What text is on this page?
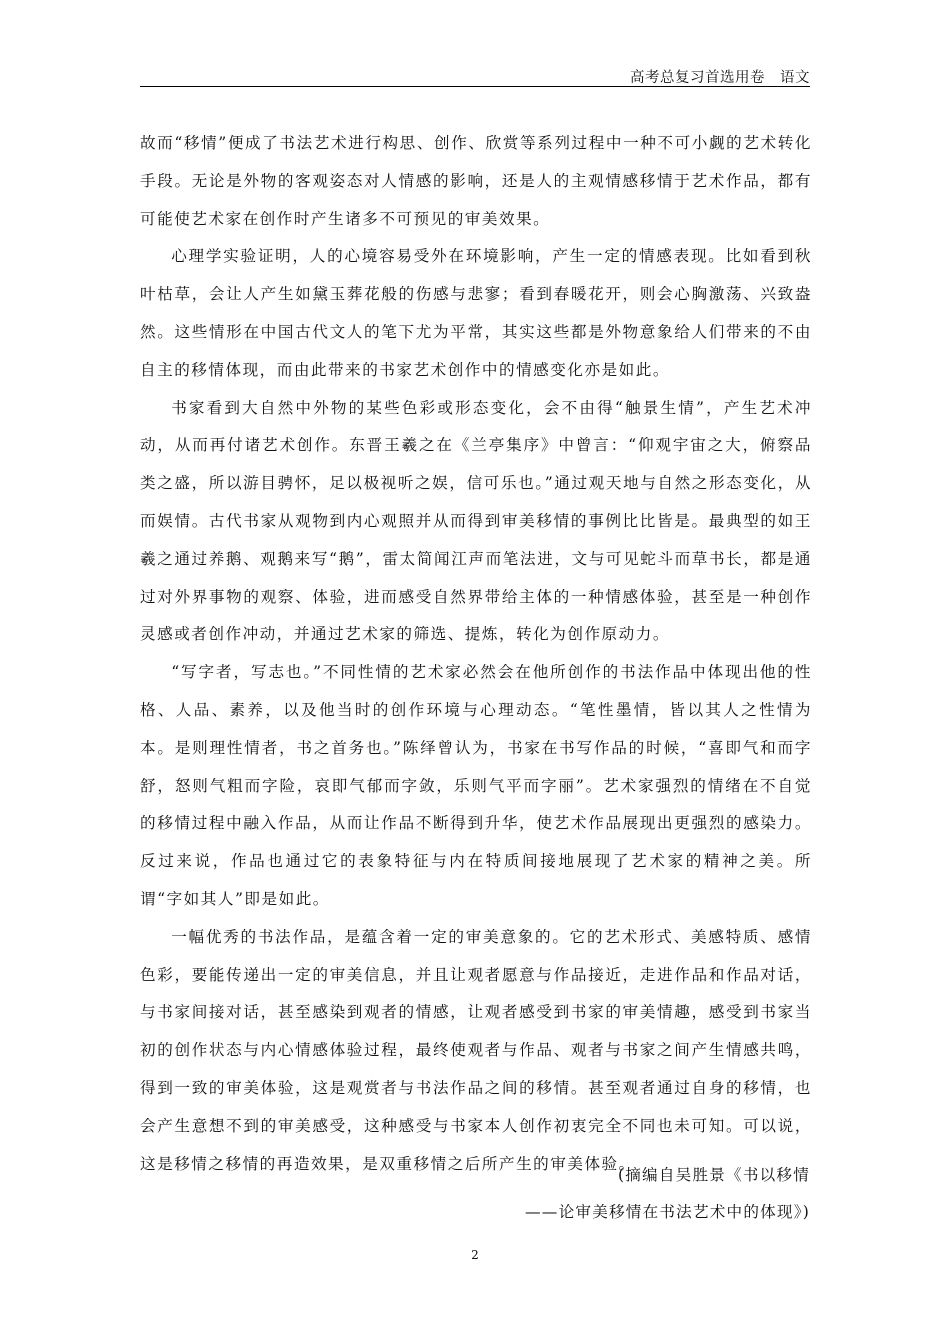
高考总复习首选用卷　语文

故而“移情”便成了书法艺术进行构思、创作、欣赏等系列过程中一种不可小觑的艺术转化手段。无论是外物的客观姿态对人情感的影响，还是人的主观情感移情于艺术作品，都有可能使艺术家在创作时产生诸多不可预见的审美效果。

心理学实验证明，人的心境容易受外在环境影响，产生一定的情感表现。比如看到秋叶枯草，会让人产生如黛玉葬花般的伤感与悲寥；看到春暖花开，则会心胸激荡、兴致盎然。这些情形在中国古代文人的笔下尤为平常，其实这些都是外物意象给人们带来的不由自主的移情体现，而由此带来的书家艺术创作中的情感变化亦是如此。

书家看到大自然中外物的某些色彩或形态变化，会不由得“触景生情”，产生艺术冲动，从而再付诸艺术创作。东晋王羲之在《兰亭集序》中曾言：“仰观宇宙之大，俯察品类之盛，所以游目骋怀，足以极视听之娱，信可乐也。”通过观天地与自然之形态变化，从而娱情。古代书家从观物到内心观照并从而得到审美移情的事例比比皆是。最典型的如王羲之通过养鹅、观鹅来写“鹅”，雷太简闻江声而笔法进，文与可见蛇斗而草书长，都是通过对外界事物的观察、体验，进而感受自然界带给主体的一种情感体验，甚至是一种创作灵感或者创作冲动，并通过艺术家的筛选、提炼，转化为创作原动力。

“写字者，写志也。”不同性情的艺术家必然会在他所创作的书法作品中体现出他的性格、人品、素养，以及他当时的创作环境与心理动态。“笔性墨情，皆以其人之性情为本。是则理性情者，书之首务也。”陈绎曾认为，书家在书写作品的时候，“喜即气和而字舒，怒则气粗而字险，哀即气郁而字敛，乐则气平而字丽”。艺术家强烈的情绪在不自觉的移情过程中融入作品，从而让作品不断得到升华，使艺术作品展现出更强烈的感染力。反过来说，作品也通过它的表象特征与内在特质间接地展现了艺术家的精神之美。所谓“字如其人”即是如此。

一幅优秀的书法作品，是蕴含着一定的审美意象的。它的艺术形式、美感特质、感情色彩，要能传递出一定的审美信息，并且让观者愿意与作品接近，走进作品和作品对话，与书家间接对话，甚至感染到观者的情感，让观者感受到书家的审美情趣，感受到书家当初的创作状态与内心情感体验过程，最终使观者与作品、观者与书家之间产生情感共鸣，得到一致的审美体验，这是观赏者与书法作品之间的移情。甚至观者通过自身的移情，也会产生意想不到的审美感受，这种感受与书家本人创作初衷完全不同也未可知。可以说，这是移情之移情的再造效果，是双重移情之后所产生的审美体验。

(摘编自吴胜景《书以移情
——论审美移情在书法艺术中的体现》)
2
